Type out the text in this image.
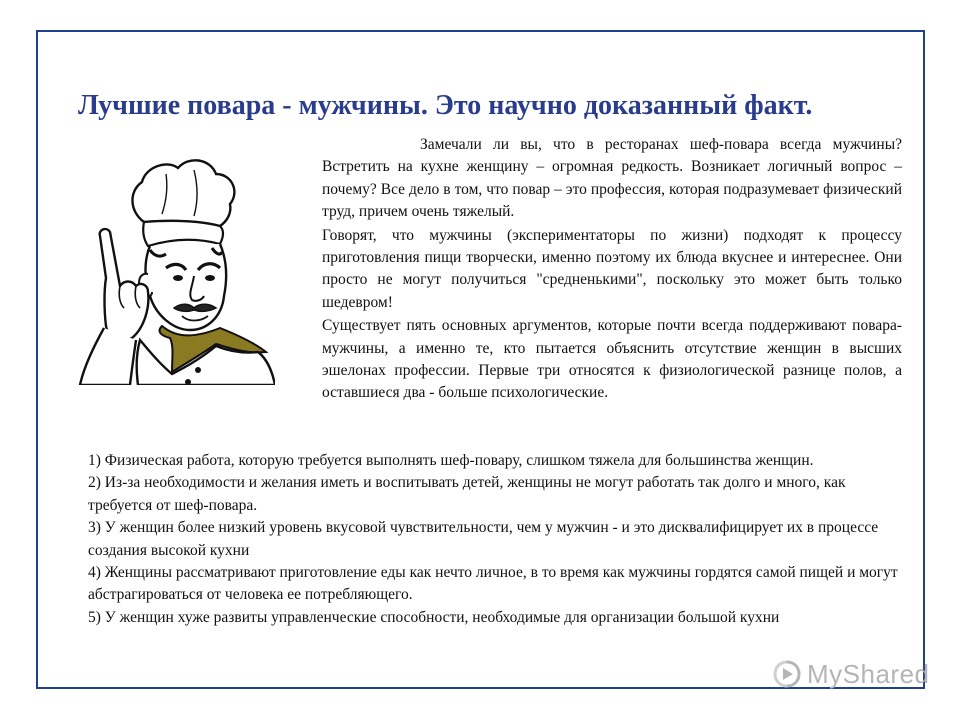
Лучшие повара - мужчины. Это научно доказанный факт.

Замечали ли вы, что в ресторанах шеф-повара всегда мужчины? Встретить на кухне женщину – огромная редкость. Возникает логичный вопрос – почему? Все дело в том, что повар – это профессия, которая подразумевает физический труд, причем очень тяжелый.

Говорят, что мужчины (экспериментаторы по жизни) подходят к процессу приготовления пищи творчески, именно поэтому их блюда вкуснее и интереснее. Они просто не могут получиться "средненькими", поскольку это может быть только шедевром!

Существует пять основных аргументов, которые почти всегда поддерживают повара-мужчины, а именно те, кто пытается объяснить отсутствие женщин в высших эшелонах профессии. Первые три относятся к физиологической разнице полов, а оставшиеся два - больше психологические.

1) Физическая работа, которую требуется выполнять шеф-повару, слишком тяжела для большинства женщин.

2) Из-за необходимости и желания иметь и воспитывать детей, женщины не могут работать так долго и много, как требуется от шеф-повара.

3) У женщин более низкий уровень вкусовой чувствительности, чем у мужчин - и это дисквалифицирует их в процессе создания высокой кухни

4) Женщины рассматривают приготовление еды как нечто личное, в то время как мужчины гордятся самой пищей и могут абстрагироваться от человека ее потребляющего.

5) У женщин хуже развиты управленческие способности, необходимые для организации большой кухни

MyShared
